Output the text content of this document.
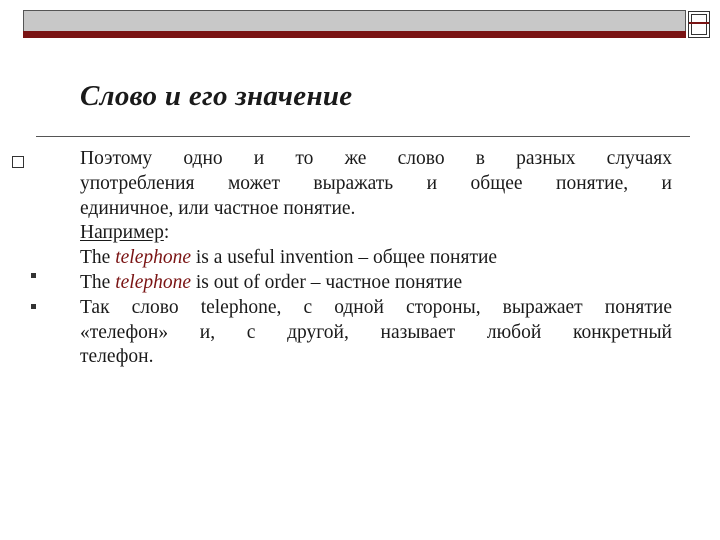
Слово и его значение
Поэтому одно и то же слово в разных случаях
употребления может выражать и общее понятие, и
единичное, или частное понятие.
Например:
The telephone is a useful invention – общее понятие
The telephone is out of order – частное понятие
Так слово telephone, с одной стороны, выражает понятие
«телефон» и, с другой, называет любой конкретный
телефон.
